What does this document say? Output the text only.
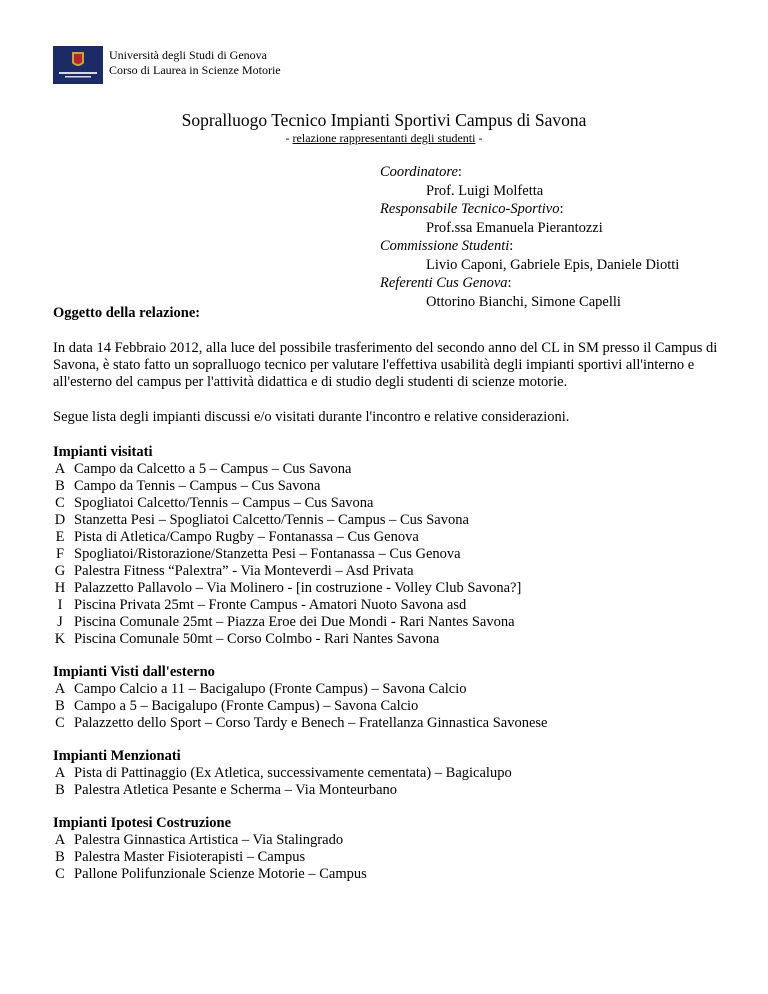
Università degli Studi di Genova
Corso di Laurea in Scienze Motorie
Sopralluogo Tecnico Impianti Sportivi Campus di Savona
- relazione rappresentanti degli studenti -
Coordinatore:
Prof. Luigi Molfetta
Responsabile Tecnico-Sportivo:
Prof.ssa Emanuela Pierantozzi
Commissione Studenti:
Livio Caponi, Gabriele Epis, Daniele Diotti
Referenti Cus Genova:
Ottorino Bianchi, Simone Capelli
Oggetto della relazione:

In data 14 Febbraio 2012, alla luce del possibile trasferimento del secondo anno del CL in SM presso il Campus di Savona, è stato fatto un sopralluogo tecnico per valutare l'effettiva usabilità degli impianti sportivi all'interno e all'esterno del campus per l'attività didattica e di studio degli studenti di scienze motorie.

Segue lista degli impianti discussi e/o visitati durante l'incontro e relative considerazioni.

Impianti visitati
A Campo da Calcetto a 5 – Campus – Cus Savona
B Campo da Tennis – Campus – Cus Savona
C Spogliatoi Calcetto/Tennis – Campus – Cus Savona
D Stanzetta Pesi – Spogliatoi Calcetto/Tennis – Campus – Cus Savona
E Pista di Atletica/Campo Rugby – Fontanassa – Cus Genova
F Spogliatoi/Ristorazione/Stanzetta Pesi – Fontanassa – Cus Genova
G Palestra Fitness “Palextra” - Via Monteverdi – Asd Privata
H Palazzetto Pallavolo – Via Molinero - [in costruzione - Volley Club Savona?]
I Piscina Privata 25mt – Fronte Campus - Amatori Nuoto Savona asd
J Piscina Comunale 25mt – Piazza Eroe dei Due Mondi - Rari Nantes Savona
K Piscina Comunale 50mt – Corso Colmbo - Rari Nantes Savona
Impianti Visti dall'esterno
A Campo Calcio a 11 – Bacigalupo (Fronte Campus) – Savona Calcio
B Campo a 5 – Bacigalupo (Fronte Campus) – Savona Calcio
C Palazzetto dello Sport – Corso Tardy e Benech – Fratellanza Ginnastica Savonese
Impianti Menzionati
A Pista di Pattinaggio (Ex Atletica, successivamente cementata) – Bagicalupo
B Palestra Atletica Pesante e Scherma – Via Monteurbano
Impianti Ipotesi Costruzione
A Palestra Ginnastica Artistica – Via Stalingrado
B Palestra Master Fisioterapisti – Campus
C Pallone Polifunzionale Scienze Motorie – Campus
